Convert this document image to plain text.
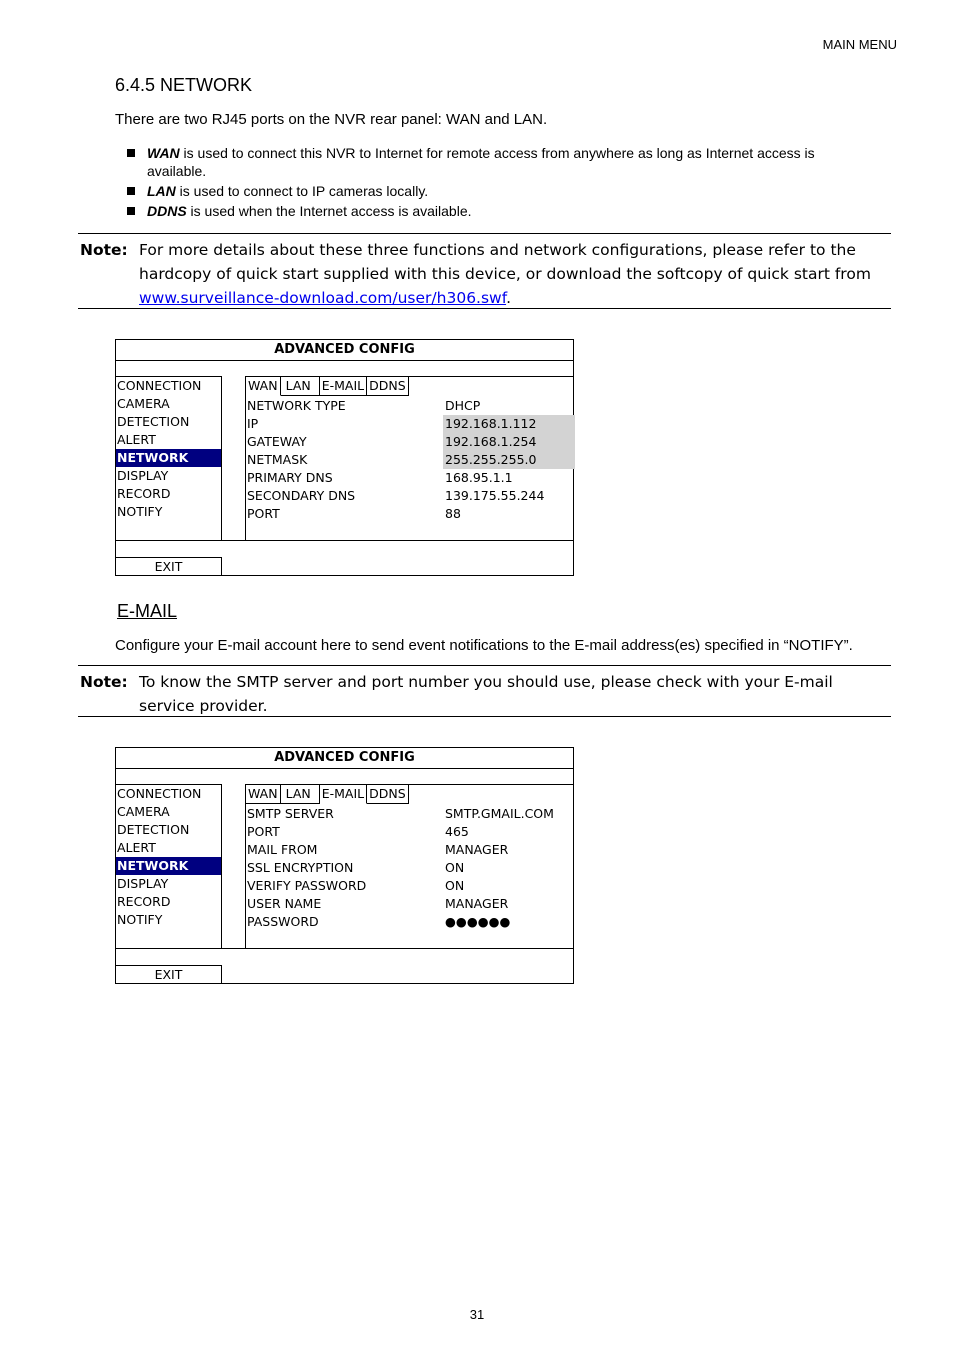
MAIN MENU
6.4.5 NETWORK
There are two RJ45 ports on the NVR rear panel: WAN and LAN.
WAN is used to connect this NVR to Internet for remote access from anywhere as long as Internet access is available.
LAN is used to connect to IP cameras locally.
DDNS is used when the Internet access is available.
Note: For more details about these three functions and network configurations, please refer to the hardcopy of quick start supplied with this device, or download the softcopy of quick start from www.surveillance-download.com/user/h306.swf.
ADVANCED CONFIG
CONNECTION
CAMERA
DETECTION
ALERT
NETWORK
DISPLAY
RECORD
NOTIFY
WAN LAN E-MAIL DDNS
NETWORK TYPE	DHCP
IP	192.168.1.112
GATEWAY	192.168.1.254
NETMASK	255.255.255.0
PRIMARY DNS	168.95.1.1
SECONDARY DNS	139.175.55.244
PORT	88
EXIT
E-MAIL
Configure your E-mail account here to send event notifications to the E-mail address(es) specified in “NOTIFY”.
Note: To know the SMTP server and port number you should use, please check with your E-mail service provider.
ADVANCED CONFIG
CONNECTION
CAMERA
DETECTION
ALERT
NETWORK
DISPLAY
RECORD
NOTIFY
WAN LAN E-MAIL DDNS
SMTP SERVER	SMTP.GMAIL.COM
PORT	465
MAIL FROM	MANAGER
SSL ENCRYPTION	ON
VERIFY PASSWORD	ON
USER NAME	MANAGER
PASSWORD	●●●●●●
EXIT
31
